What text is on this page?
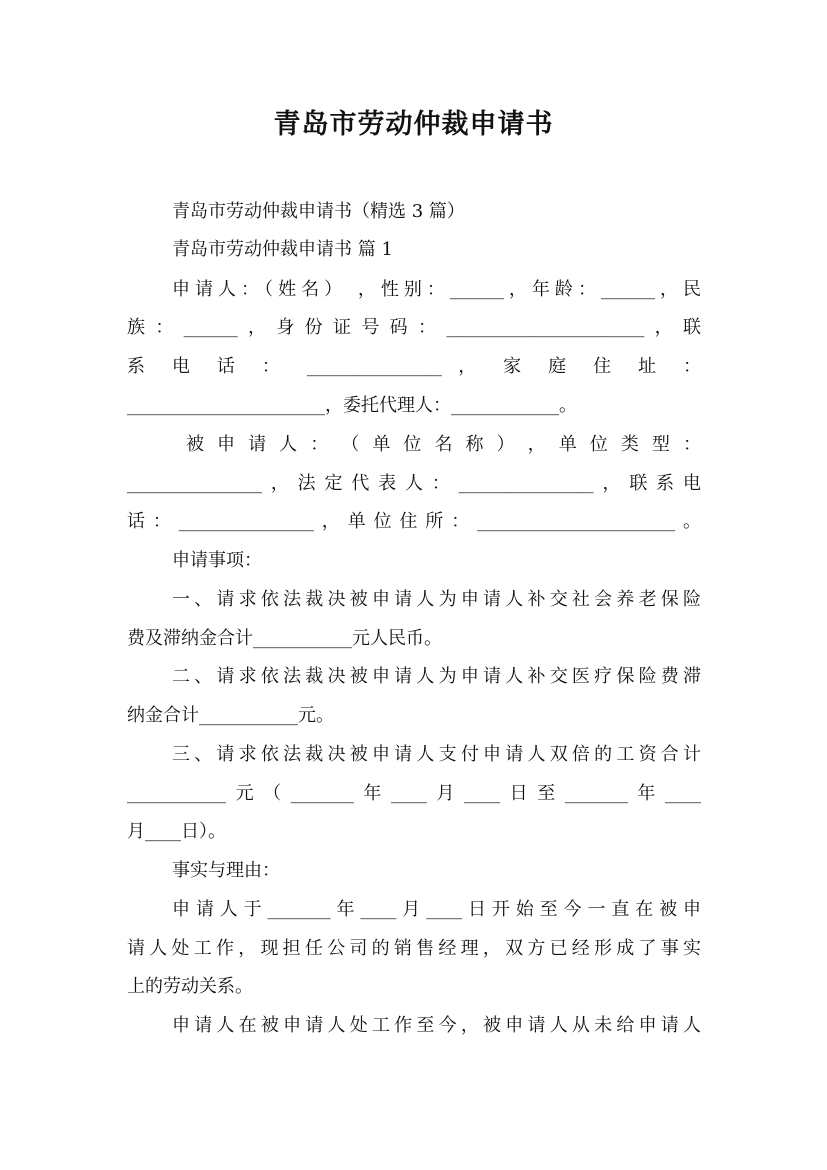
青岛市劳动仲裁申请书
青岛市劳动仲裁申请书（精选 3 篇）
青岛市劳动仲裁申请书 篇 1
申请人：（姓名） ，性别：______，年龄：______，民
族：______，身份证号码：______________________，联
系 电 话 ： _______________ ， 家 庭 住 址 ：
______________________，委托代理人：____________。
被 申 请 人 ： （ 单 位 名 称 ） ， 单 位 类 型 ：
_______________，法定代表人：_______________，联系电
话：_______________，单位住所：______________________。
申请事项：
一、请求依法裁决被申请人为申请人补交社会养老保险
费及滞纳金合计___________元人民币。
二、请求依法裁决被申请人为申请人补交医疗保险费滞
纳金合计___________元。
三、请求依法裁决被申请人支付申请人双倍的工资合计
___________元（_______年____月____日至_______年____
月____日）。
事实与理由：
申请人于_______年____月____日开始至今一直在被申
请人处工作，现担任公司的销售经理，双方已经形成了事实
上的劳动关系。
申请人在被申请人处工作至今，被申请人从未给申请人
